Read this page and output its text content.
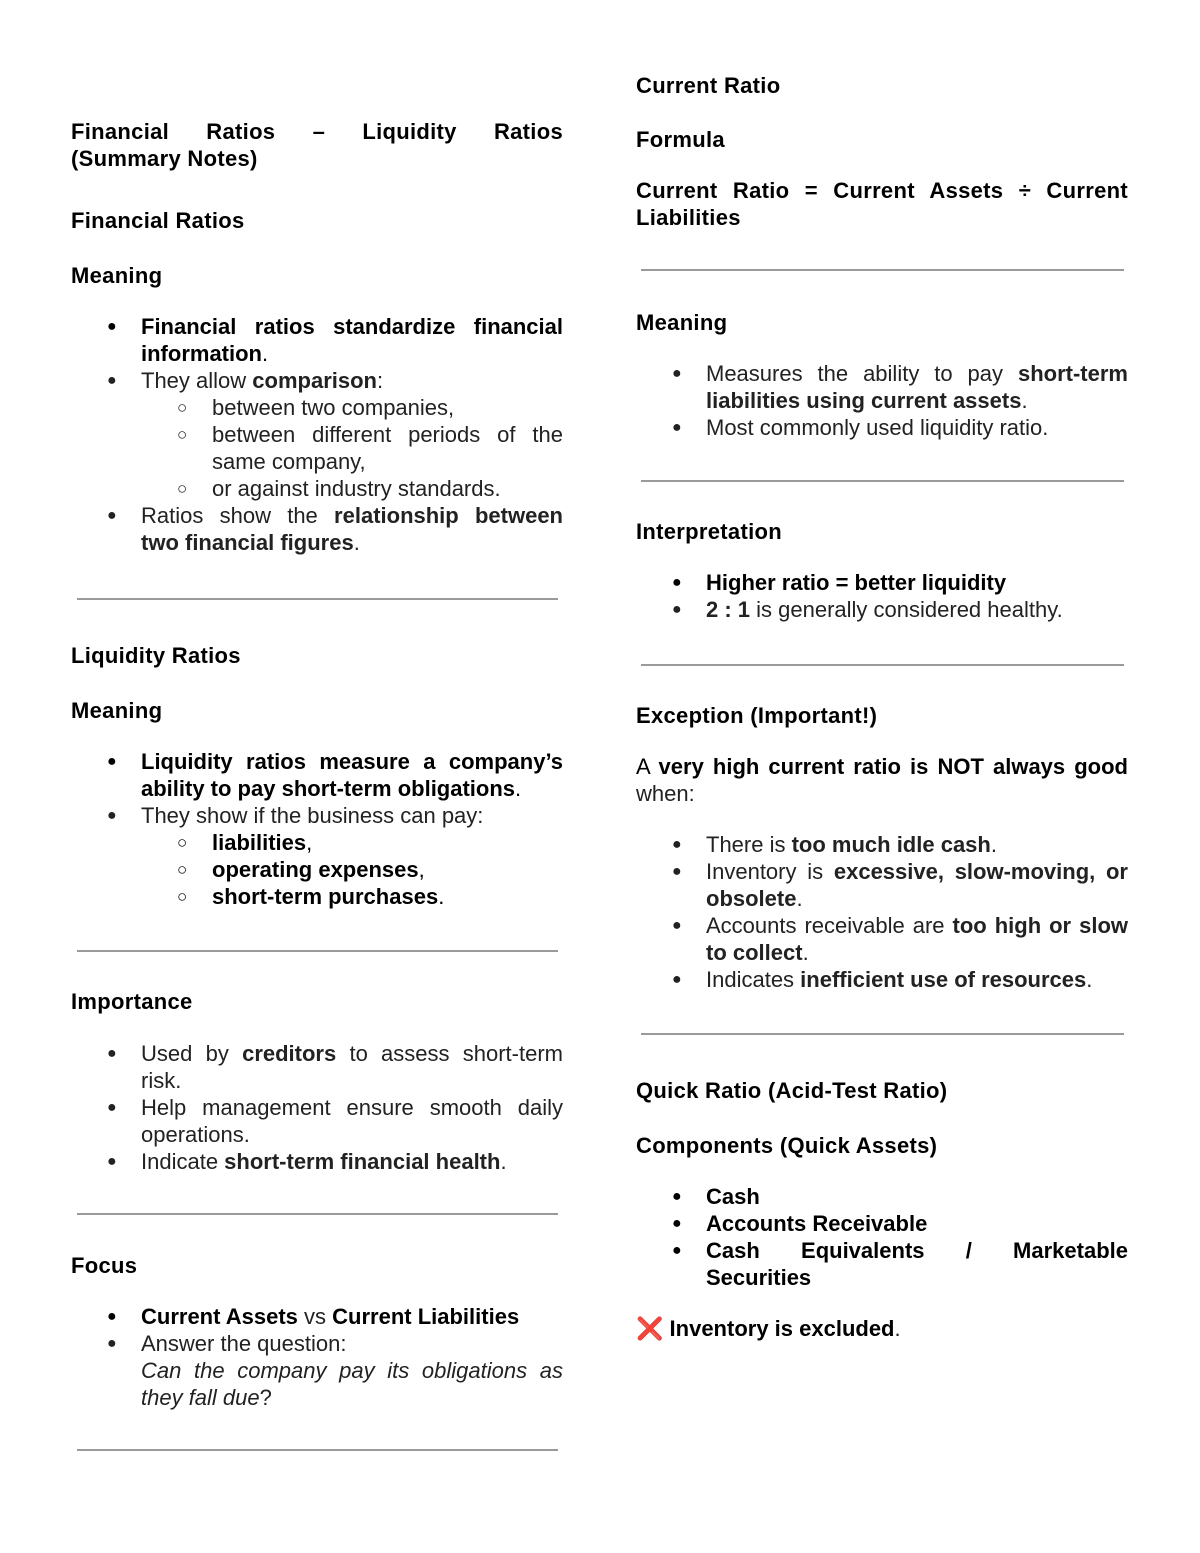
Financial Ratios – Liquidity Ratios
(Summary Notes)
Financial Ratios
Meaning
● Financial ratios standardize financial information.
● They allow comparison:
○ between two companies,
○ between different periods of the same company,
○ or against industry standards.
● Ratios show the relationship between two financial figures.
Liquidity Ratios
Meaning
● Liquidity ratios measure a company’s ability to pay short-term obligations.
● They show if the business can pay:
○ liabilities,
○ operating expenses,
○ short-term purchases.
Importance
● Used by creditors to assess short-term risk.
● Help management ensure smooth daily operations.
● Indicate short-term financial health.
Focus
● Current Assets vs Current Liabilities
● Answer the question:
Can the company pay its obligations as they fall due?
Current Ratio
Formula
Current Ratio = Current Assets ÷ Current Liabilities
Meaning
● Measures the ability to pay short-term liabilities using current assets.
● Most commonly used liquidity ratio.
Interpretation
● Higher ratio = better liquidity
● 2 : 1 is generally considered healthy.
Exception (Important!)
A very high current ratio is NOT always good when:
● There is too much idle cash.
● Inventory is excessive, slow-moving, or obsolete.
● Accounts receivable are too high or slow to collect.
● Indicates inefficient use of resources.
Quick Ratio (Acid-Test Ratio)
Components (Quick Assets)
● Cash
● Accounts Receivable
● Cash Equivalents / Marketable Securities
❌ Inventory is excluded.
